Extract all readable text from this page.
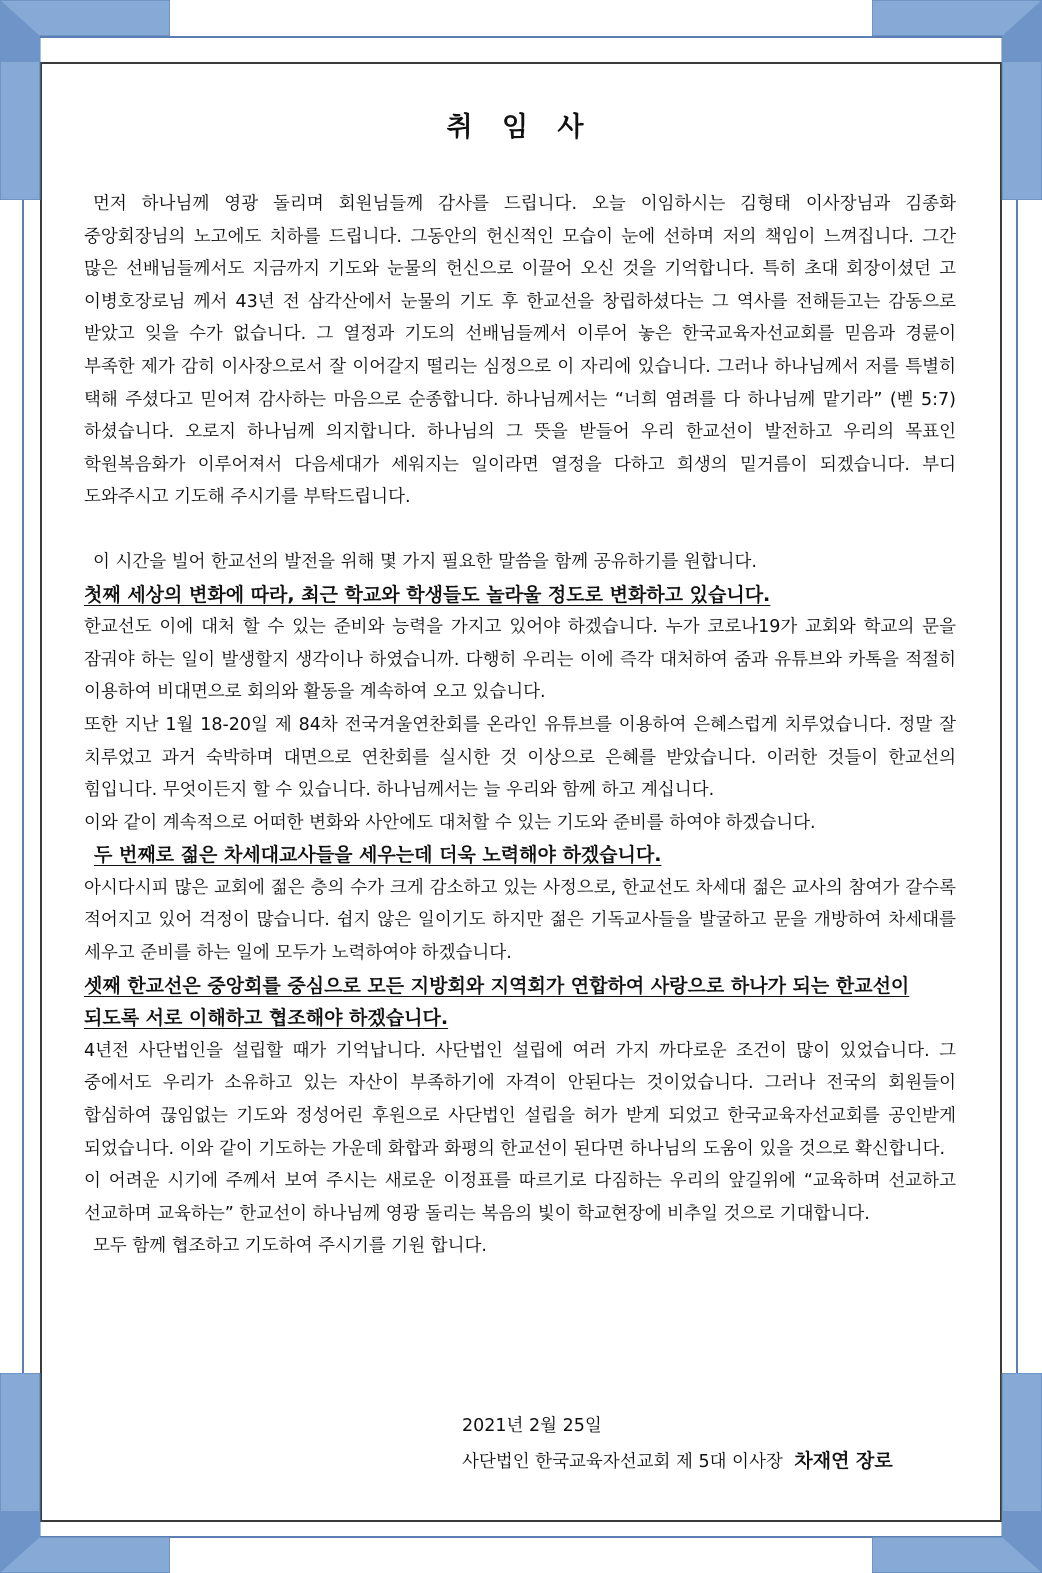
취 임 사

먼저 하나님께 영광 돌리며 회원님들께 감사를 드립니다. 오늘 이임하시는 김형태 이사장님과 김종화 중앙회장님의 노고에도 치하를 드립니다. 그동안의 헌신적인 모습이 눈에 선하며 저의 책임이 느껴집니다. 그간 많은 선배님들께서도 지금까지 기도와 눈물의 헌신으로 이끌어 오신 것을 기억합니다. 특히 초대 회장이셨던 고 이병호장로님 께서 43년 전 삼각산에서 눈물의 기도 후 한교선을 창립하셨다는 그 역사를 전해듣고는 감동으로 받았고 잊을 수가 없습니다. 그 열정과 기도의 선배님들께서 이루어 놓은 한국교육자선교회를 믿음과 경륜이 부족한 제가 감히 이사장으로서 잘 이어갈지 떨리는 심정으로 이 자리에 있습니다. 그러나 하나님께서 저를 특별히 택해 주셨다고 믿어져 감사하는 마음으로 순종합니다. 하나님께서는 “너희 염려를 다 하나님께 맡기라” (벧 5:7)하셨습니다. 오로지 하나님께 의지합니다. 하나님의 그 뜻을 받들어 우리 한교선이 발전하고 우리의 목표인 학원복음화가 이루어져서 다음세대가 세워지는 일이라면 열정을 다하고 희생의 밑거름이 되겠습니다. 부디 도와주시고 기도해 주시기를 부탁드립니다.

이 시간을 빌어 한교선의 발전을 위해 몇 가지 필요한 말씀을 함께 공유하기를 원합니다.

첫째 세상의 변화에 따라, 최근 학교와 학생들도 놀라울 정도로 변화하고 있습니다.

한교선도 이에 대처 할 수 있는 준비와 능력을 가지고 있어야 하겠습니다. 누가 코로나19가 교회와 학교의 문을 잠궈야 하는 일이 발생할지 생각이나 하였습니까. 다행히 우리는 이에 즉각 대처하여 줌과 유튜브와 카톡을 적절히 이용하여 비대면으로 회의와 활동을 계속하여 오고 있습니다.

또한 지난 1월 18-20일 제 84차 전국겨울연찬회를 온라인 유튜브를 이용하여 은혜스럽게 치루었습니다. 정말 잘 치루었고 과거 숙박하며 대면으로 연찬회를 실시한 것 이상으로 은혜를 받았습니다. 이러한 것들이 한교선의 힘입니다. 무엇이든지 할 수 있습니다. 하나님께서는 늘 우리와 함께 하고 계십니다.

이와 같이 계속적으로 어떠한 변화와 사안에도 대처할 수 있는 기도와 준비를 하여야 하겠습니다.

두 번째로 젊은 차세대교사들을 세우는데 더욱 노력해야 하겠습니다.

아시다시피 많은 교회에 젊은 층의 수가 크게 감소하고 있는 사정으로, 한교선도 차세대 젊은 교사의 참여가 갈수록 적어지고 있어 걱정이 많습니다. 쉽지 않은 일이기도 하지만 젊은 기독교사들을 발굴하고 문을 개방하여 차세대를 세우고 준비를 하는 일에 모두가 노력하여야 하겠습니다.

셋째 한교선은 중앙회를 중심으로 모든 지방회와 지역회가 연합하여 사랑으로 하나가 되는 한교선이 되도록 서로 이해하고 협조해야 하겠습니다.

4년전 사단법인을 설립할 때가 기억납니다. 사단법인 설립에 여러 가지 까다로운 조건이 많이 있었습니다. 그 중에서도 우리가 소유하고 있는 자산이 부족하기에 자격이 안된다는 것이었습니다. 그러나 전국의 회원들이 합심하여 끊임없는 기도와 정성어린 후원으로 사단법인 설립을 허가 받게 되었고 한국교육자선교회를 공인받게 되었습니다. 이와 같이 기도하는 가운데 화합과 화평의 한교선이 된다면 하나님의 도움이 있을 것으로 확신합니다.

이 어려운 시기에 주께서 보여 주시는 새로운 이정표를 따르기로 다짐하는 우리의 앞길위에 “교육하며 선교하고 선교하며 교육하는” 한교선이 하나님께 영광 돌리는 복음의 빛이 학교현장에 비추일 것으로 기대합니다.

모두 함께 협조하고 기도하여 주시기를 기원 합니다.

2021년 2월 25일
사단법인 한국교육자선교회 제 5대 이사장 차재연 장로
